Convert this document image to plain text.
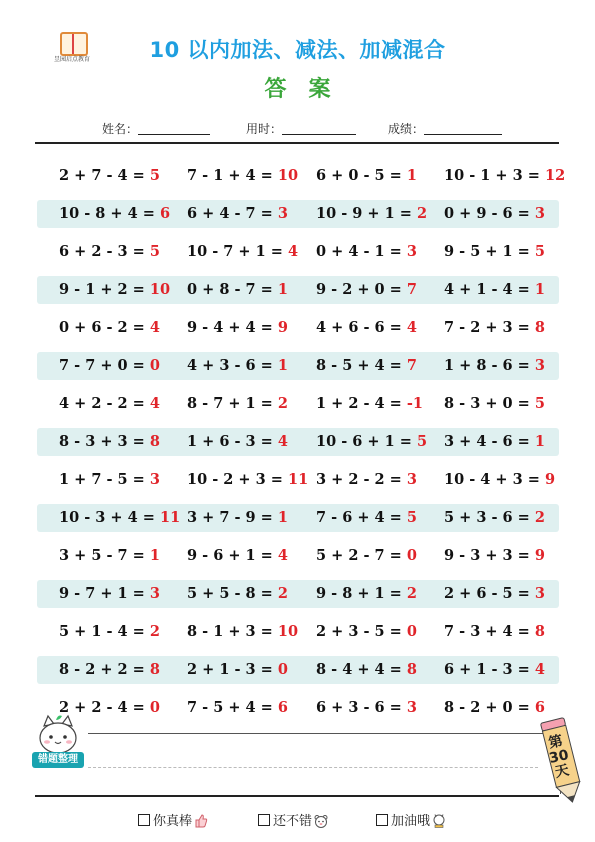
昱园启点教育	10 以内加法、减法、加减混合
答案
姓名：	用时：	成绩：
2 + 7 - 4 = 5 7 - 1 + 4 = 10 6 + 0 - 5 = 1 10 - 1 + 3 = 12
10 - 8 + 4 = 6 6 + 4 - 7 = 3 10 - 9 + 1 = 2 0 + 9 - 6 = 3
6 + 2 - 3 = 5 10 - 7 + 1 = 4 0 + 4 - 1 = 3 9 - 5 + 1 = 5
9 - 1 + 2 = 10 0 + 8 - 7 = 1 9 - 2 + 0 = 7 4 + 1 - 4 = 1
0 + 6 - 2 = 4 9 - 4 + 4 = 9 4 + 6 - 6 = 4 7 - 2 + 3 = 8
7 - 7 + 0 = 0 4 + 3 - 6 = 1 8 - 5 + 4 = 7 1 + 8 - 6 = 3
4 + 2 - 2 = 4 8 - 7 + 1 = 2 1 + 2 - 4 = -1 8 - 3 + 0 = 5
8 - 3 + 3 = 8 1 + 6 - 3 = 4 10 - 6 + 1 = 5 3 + 4 - 6 = 1
1 + 7 - 5 = 3 10 - 2 + 3 = 11 3 + 2 - 2 = 3 10 - 4 + 3 = 9
10 - 3 + 4 = 11 3 + 7 - 9 = 1 7 - 6 + 4 = 5 5 + 3 - 6 = 2
3 + 5 - 7 = 1 9 - 6 + 1 = 4 5 + 2 - 7 = 0 9 - 3 + 3 = 9
9 - 7 + 1 = 3 5 + 5 - 8 = 2 9 - 8 + 1 = 2 2 + 6 - 5 = 3
5 + 1 - 4 = 2 8 - 1 + 3 = 10 2 + 3 - 5 = 0 7 - 3 + 4 = 8
8 - 2 + 2 = 8 2 + 1 - 3 = 0 8 - 4 + 4 = 8 6 + 1 - 3 = 4
2 + 2 - 4 = 0 7 - 5 + 4 = 6 6 + 3 - 6 = 3 8 - 2 + 0 = 6
错题整理
第
30
天
你真棒	还不错	加油哦
